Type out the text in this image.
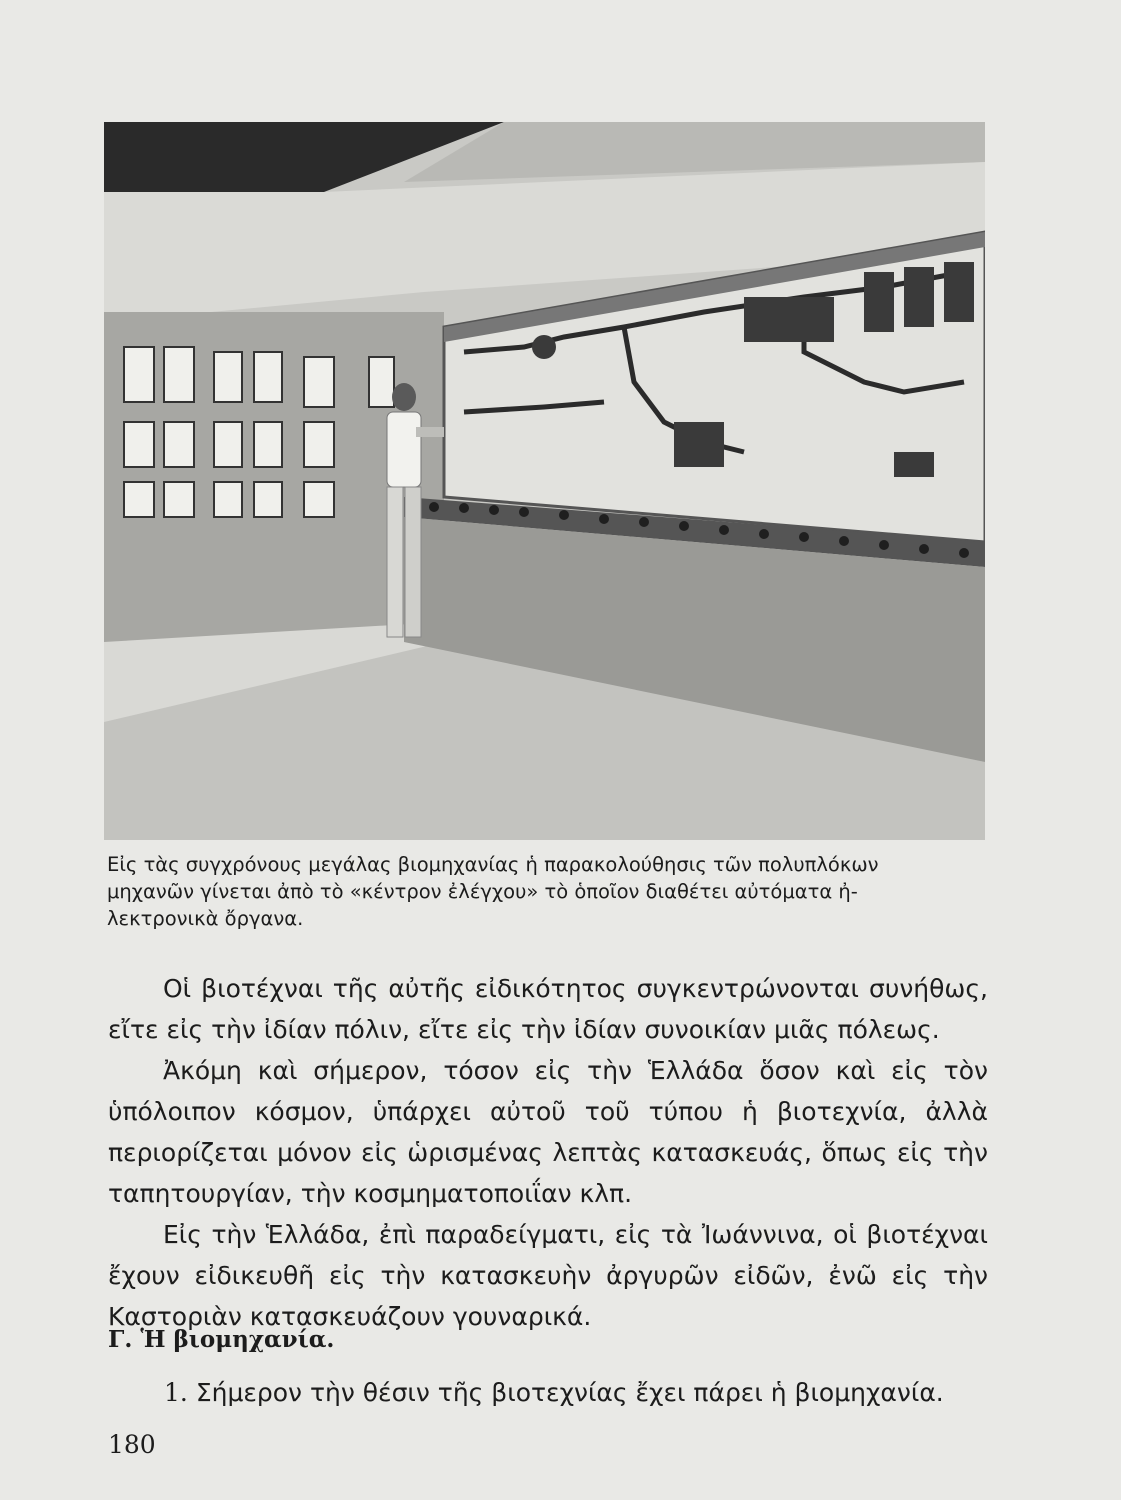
Εἰς τὰς συγχρόνους μεγάλας βιομηχανίας ἡ παρακολούθησις τῶν πολυπλόκων
μηχανῶν γίνεται ἀπὸ τὸ «κέντρον ἐλέγχου» τὸ ὁποῖον διαθέτει αὐτόματα ἠ-
λεκτρονικὰ ὄργανα.

Οἱ βιοτέχναι τῆς αὐτῆς εἰδικότητος συγκεντρώνονται συνήθως, εἴτε εἰς τὴν ἰδίαν πόλιν, εἴτε εἰς τὴν ἰδίαν συνοικίαν μιᾶς πόλεως.

Ἀκόμη καὶ σήμερον, τόσον εἰς τὴν Ἑλλάδα ὅσον καὶ εἰς τὸν ὑπόλοιπον κόσμον, ὑπάρχει αὐτοῦ τοῦ τύπου ἡ βιοτεχνία, ἀλλὰ περιορίζεται μόνον εἰς ὡρισμένας λεπτὰς κατασκευάς, ὅπως εἰς τὴν ταπητουργίαν, τὴν κοσμηματοποιΐαν κλπ.

Εἰς τὴν Ἑλλάδα, ἐπὶ παραδείγματι, εἰς τὰ Ἰωάννινα, οἱ βιοτέχναι ἔχουν εἰδικευθῆ εἰς τὴν κατασκευὴν ἀργυρῶν εἰδῶν, ἐνῶ εἰς τὴν Καστοριὰν κατασκευάζουν γουναρικά.

Γ. Ἡ βιομηχανία.

1. Σήμερον τὴν θέσιν τῆς βιοτεχνίας ἔχει πάρει ἡ βιομηχανία.

180
